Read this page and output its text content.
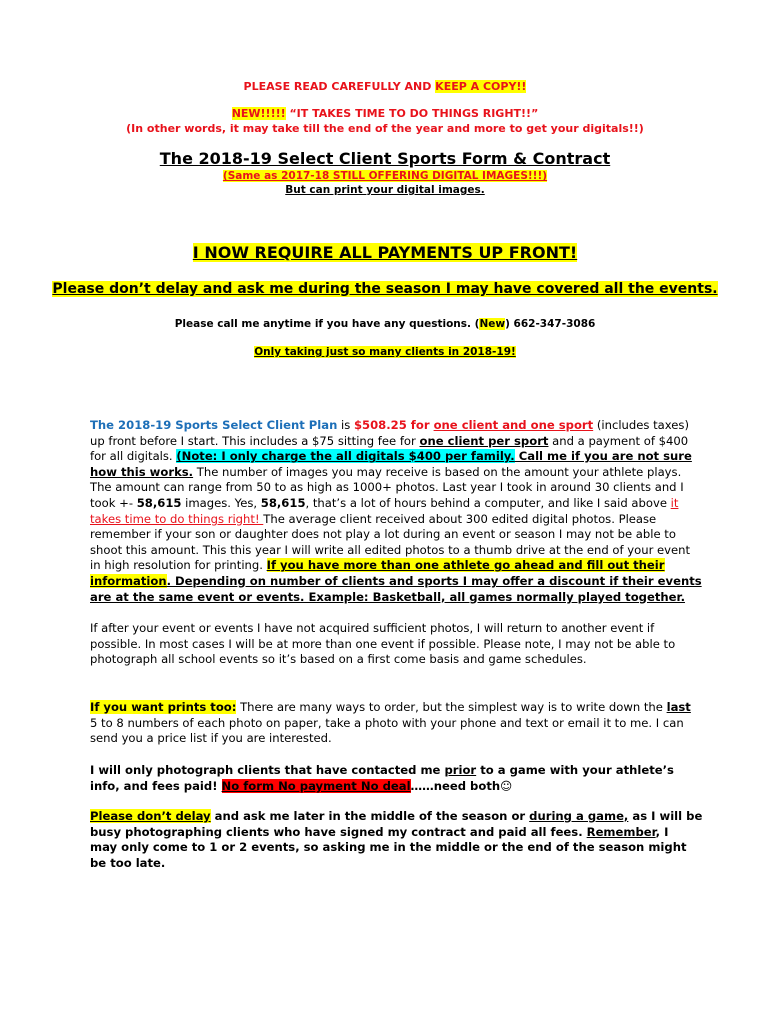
PLEASE READ CAREFULLY AND KEEP A COPY!!
NEW!!!!! “IT TAKES TIME TO DO THINGS RIGHT!!”
(In other words, it may take till the end of the year and more to get your digitals!!)
The 2018-19 Select Client Sports Form & Contract
(Same as 2017-18 STILL OFFERING DIGITAL IMAGES!!!)
But can print your digital images.
I NOW REQUIRE ALL PAYMENTS UP FRONT!
Please don’t delay and ask me during the season I may have covered all the events.
Please call me anytime if you have any questions. (New) 662-347-3086
Only taking just so many clients in 2018-19!
The 2018-19 Sports Select Client Plan is $508.25 for one client and one sport (includes taxes)
up front before I start. This includes a $75 sitting fee for one client per sport and a payment of $400
for all digitals. (Note: I only charge the all digitals $400 per family. Call me if you are not sure
how this works. The number of images you may receive is based on the amount your athlete plays.
The amount can range from 50 to as high as 1000+ photos. Last year I took in around 30 clients and I
took +- 58,615 images. Yes, 58,615, that’s a lot of hours behind a computer, and like I said above it
takes time to do things right! The average client received about 300 edited digital photos. Please
remember if your son or daughter does not play a lot during an event or season I may not be able to
shoot this amount. This this year I will write all edited photos to a thumb drive at the end of your event
in high resolution for printing. If you have more than one athlete go ahead and fill out their
information. Depending on number of clients and sports I may offer a discount if their events
are at the same event or events. Example: Basketball, all games normally played together.
If after your event or events I have not acquired sufficient photos, I will return to another event if
possible. In most cases I will be at more than one event if possible. Please note, I may not be able to
photograph all school events so it’s based on a first come basis and game schedules.
If you want prints too: There are many ways to order, but the simplest way is to write down the last
5 to 8 numbers of each photo on paper, take a photo with your phone and text or email it to me. I can
send you a price list if you are interested.
I will only photograph clients that have contacted me prior to a game with your athlete’s
info, and fees paid! No form No payment No deal……need both☺
Please don’t delay and ask me later in the middle of the season or during a game, as I will be
busy photographing clients who have signed my contract and paid all fees. Remember, I
may only come to 1 or 2 events, so asking me in the middle or the end of the season might
be too late.
